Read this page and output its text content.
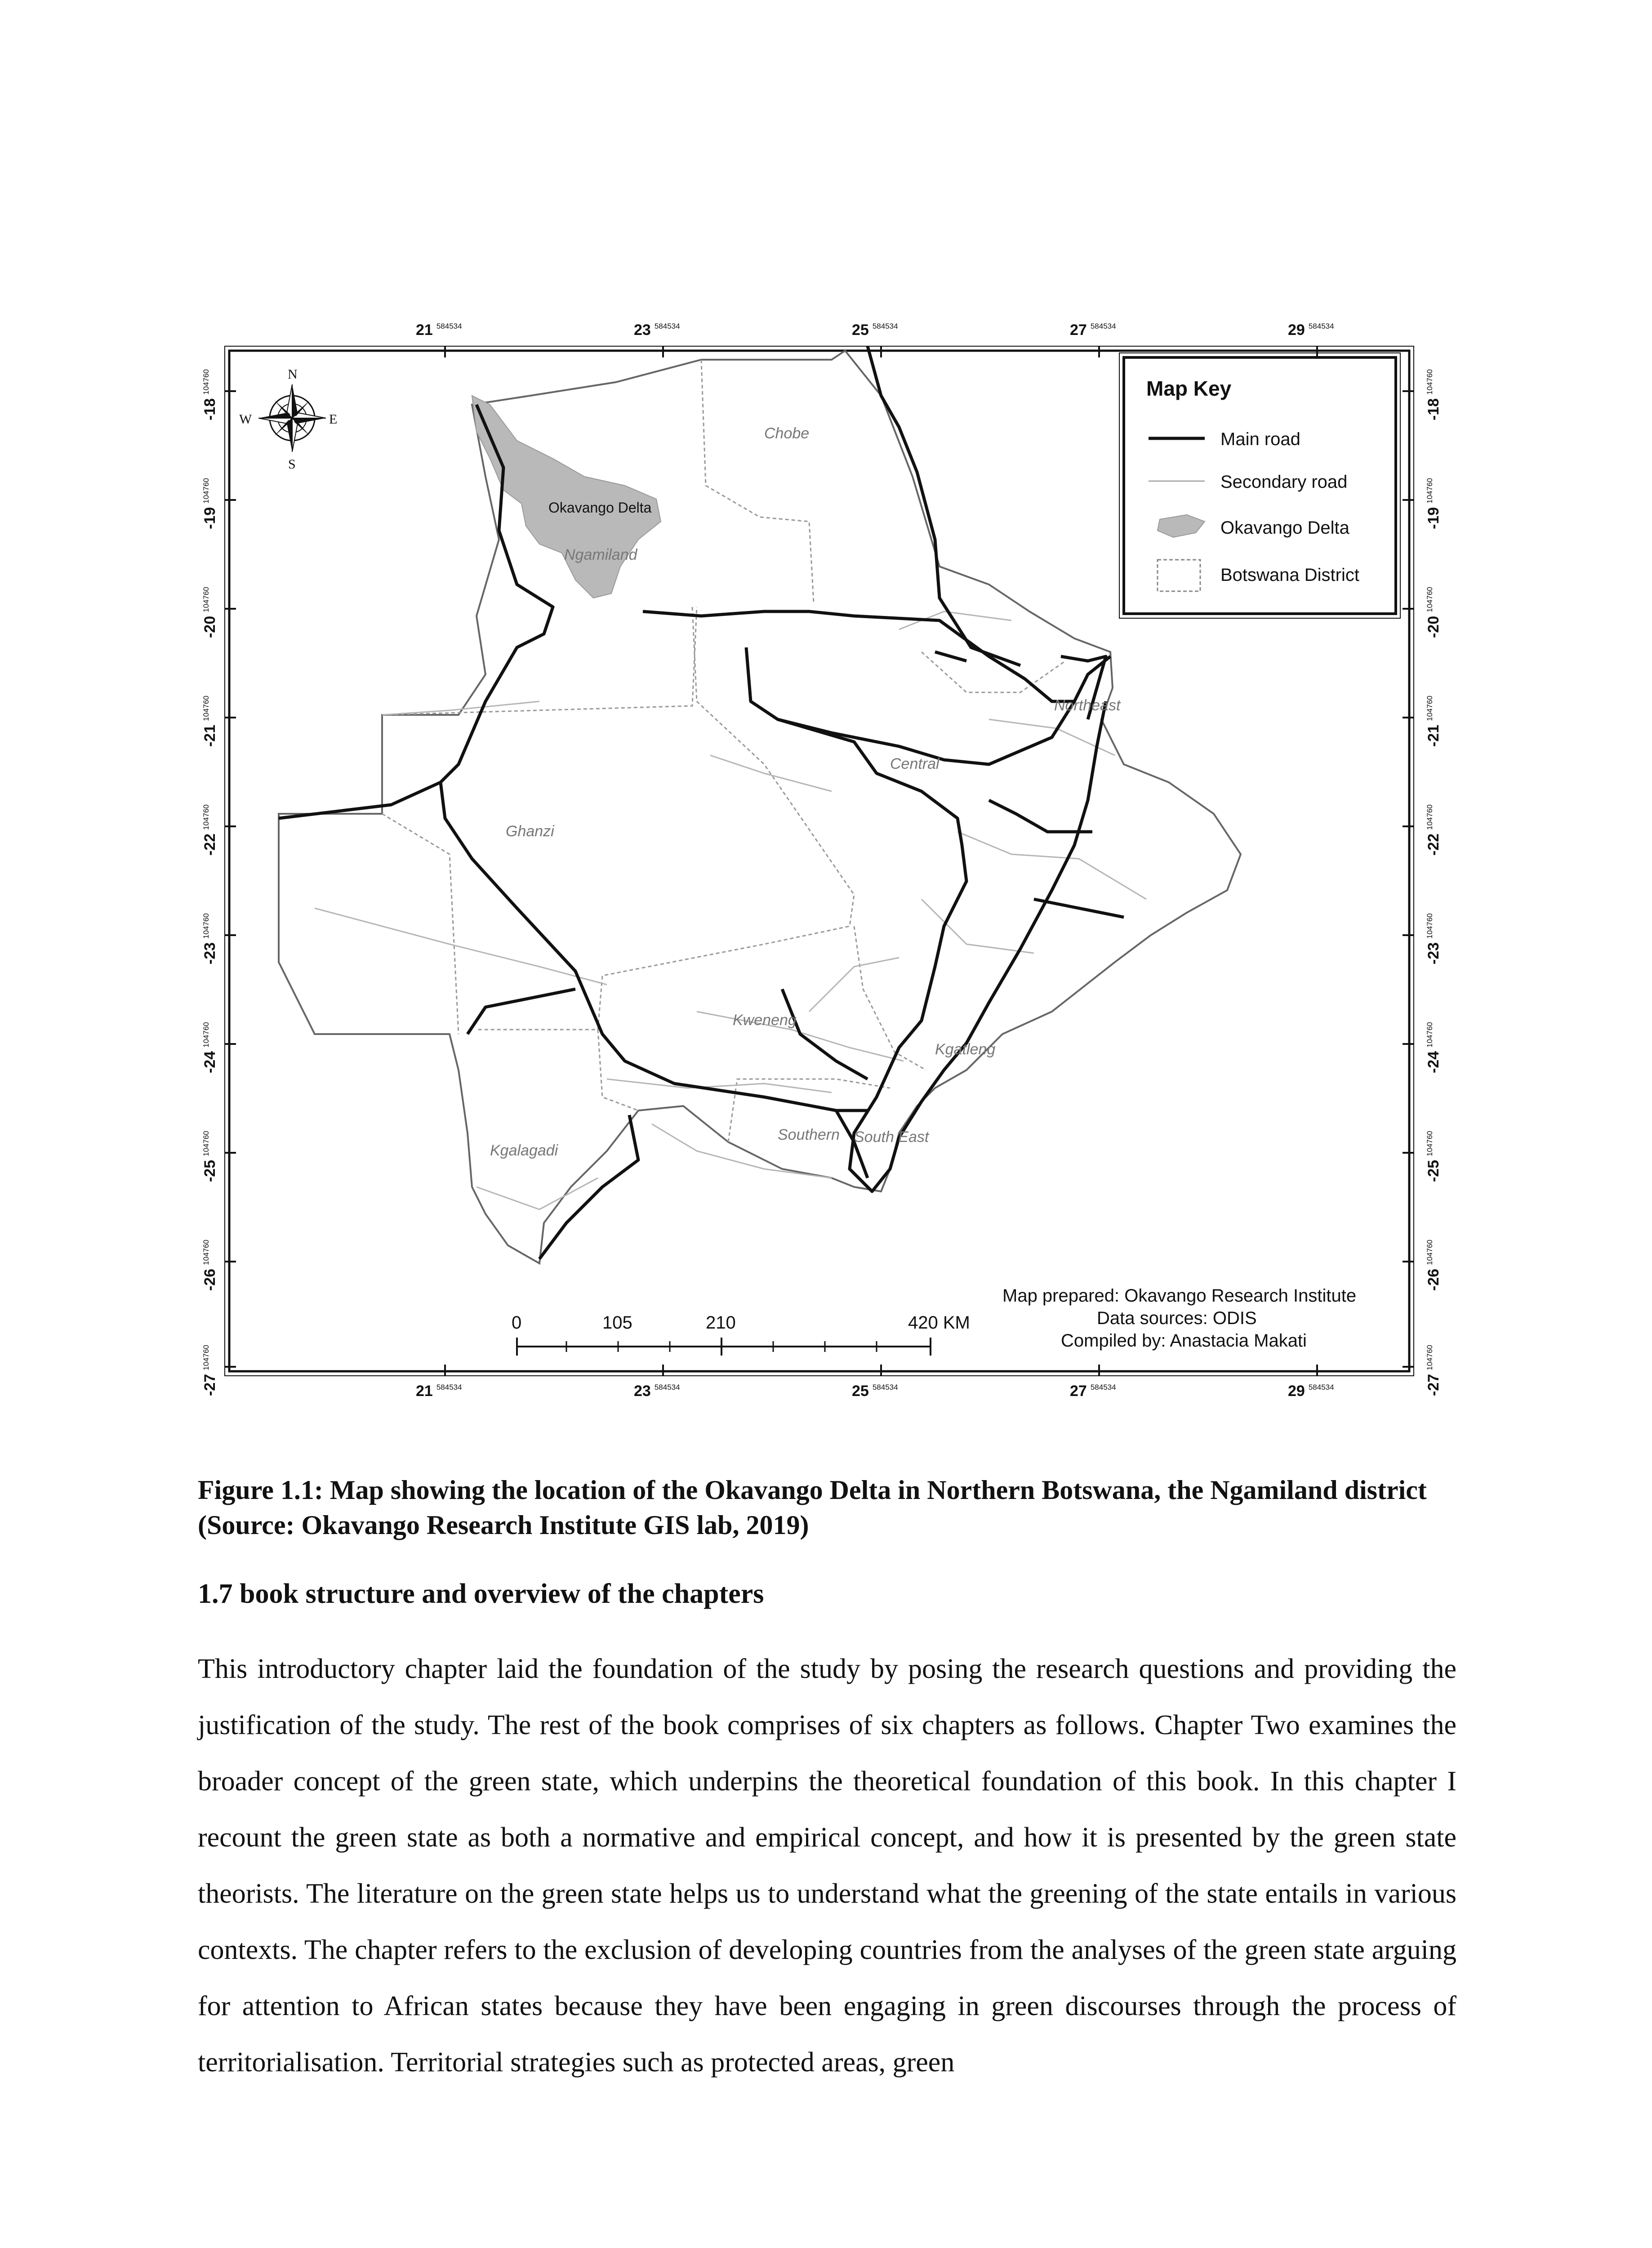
21 584534	23 584534	25 584534	27 584534	29 584534
21 584534	23 584534	25 584534	27 584534	29 584534
-18104760
-19104760
-20104760
-21104760
-22104760
-23104760
-24104760
-25104760
-26104760
-27104760
-18104760
-19104760
-20104760
-21104760
-22104760
-23104760
-24104760
-25104760
-26104760
-27104760
Okavango Delta
Chobe
Ngamiland
Northeast
Central
Ghanzi
Kweneng
Kgatleng
Southern South East
Kgalagadi
N
S
E
W
Map Key
Main road
Secondary road
Okavango Delta
Botswana District
Map prepared: Okavango Research Institute
Data sources: ODIS
Compiled by: Anastacia Makati
0	105	210	420 KM

Figure 1.1: Map showing the location of the Okavango Delta in Northern Botswana, the Ngamiland district (Source: Okavango Research Institute GIS lab, 2019)

1.7 book structure and overview of the chapters

This introductory chapter laid the foundation of the study by posing the research questions and providing the justification of the study. The rest of the book comprises of six chapters as follows. Chapter Two examines the broader concept of the green state, which underpins the theoretical foundation of this book. In this chapter I recount the green state as both a normative and empirical concept, and how it is presented by the green state theorists. The literature on the green state helps us to understand what the greening of the state entails in various contexts. The chapter refers to the exclusion of developing countries from the analyses of the green state arguing for attention to African states because they have been engaging in green discourses through the process of territorialisation. Territorial strategies such as protected areas, green
